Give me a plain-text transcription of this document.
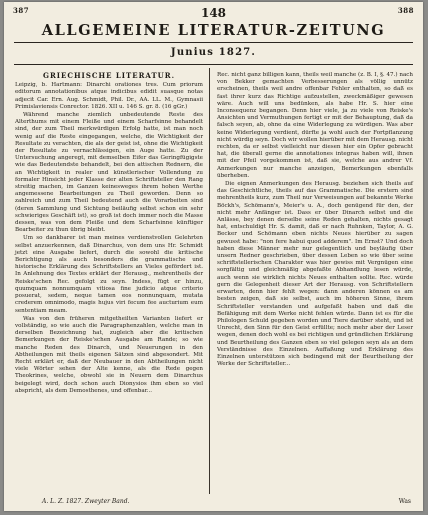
387	148	388
ALLGEMEINE LITERATUR-ZEITUNG
Junius 1827.
GRIECHISCHE LITERATUR.

Leipzig, b. Hartmann: Dinarchi orationes tres. Cum priorum editorum annotationibus atque indicibus edidit suasque notas adjecit Car. Ern. Aug. Schmidt, Phil. Dr., AA. LL. M., Gymnasii Primislaviensis Conrector. 1826. XII u. 146 S. gr. 8. (16 gGr.)

Während manche ziemlich unbedeutende Reste des Alterthums mit einem Fleiße und einem Scharfsinne behandelt sind, der zum Theil merkwürdigen Erfolg hatte, ist man noch wenig auf die Reste eingegangen, welche, die Wichtigkeit der Resultate zu verachten, die als der geist ist, ohne die Wichtigkeit der Resultate zu vernachlässigen, ein Auge hatte. Zu der Untersuchung angeregt, mit demselben Eifer das Geringfügigste wie das Bedeutendste behandelt, bei den attischen Rednern, die an Wichtigkeit in realer und künstlerischer Vollendung zu formaler Hinsicht jeder Klasse der alten Schriftsteller den Rang streitig machen, im Ganzen keinesweges ihrem hohen Werthe angemessene Bearbeitungen zu Theil geworden. Denn so zahlreich und zum Theil bedeutend auch die Vorarbeiten sind (deren Sammlung und Sichtung beiläufig selbst schon ein sehr schwieriges Geschäft ist), so groß ist doch immer noch die Masse dessen, was von dem Fleiße und dem Scharfsinne künftiger Bearbeiter zu thun übrig bleibt.

Um so dankbarer ist man meines verdienstvollen Gelehrten selbst anzuerkennen, daß Dinarchus, von dem uns Hr. Schmidt jetzt eine Ausgabe liefert, durch die sowohl die kritische Berichtigung als auch besonders die grammatische und historische Erklärung des Schriftstellers an Vieles gefördert ist. In Anlehnung des Textes erklärt der Herausg., mehrentheils der Reiske'schen Rec. gefolgt zu seyn. Indess, fügt er hinzu, quumquam nonnumquam vitiosa fine judicio atque criterio posuerat, sedem, neque tamen eos nonnunquam, mutata crederem omnimodo, magis hujus viri fecum fee aucturium eum sententiam meam.

Was von den früheren mitgetheilten Varianten liefert er vollständig, so wie auch die Paragraphenzahlen, welche man in derselben Bezeichnung hat, zugleich aber die kritischen Bemerkungen der Reiske'schen Ausgabe am Rande; so wie manche Reden des Dinarch, und Neuerungen in den Abtheilungen mit theils eigenen Sätzen sind abgesondert. Mit Recht erklärt er, daß der Neubauer in den Abtheilungen nicht viele Wörter sehen der Alte kenne, als die Rede gegen Theokrines, welche, obwohl sie in Neuern dem Dinarchus beigelegt wird, doch schon auch Dionysios ihm eben so viel abspricht, als dem Demosthenes, und offenbar...

Rec. nicht ganz billigen kann, theils weil manche (z. B. I, §. 47.) nach von Bekker gemachten Verbesserungen als völlig unnütz erscheinen, theils weil andre offenbar Fehler enthalten, so daß es fast ihrer kurz das Richtige aufzustellen, zweckmäßiger gewesen wäre. Auch will uns bedünken, als habe Hr. S. hier eine Inconsequenz begangen. Denn hier viele, ja zu viele von Reiske's Ansichten und Vermuthungen fertigt er mit der Behauptung, daß da falsch seyen, ab, ohne da eine Widerlegung zu würdigen. Was aber keine Widerlegung verdient, dürfte ja wohl auch der Fortpflanzung nicht würdig seyn. Doch wir wollen hierüber mit dem Herausg. nicht rechten, da er selbst vielleicht nur diesen hier ein Opfer gebracht hat, die überall gerne die annotationes integras haben will, ihnen mit der Pfeil vorgekommen ist, daß sie, welche aus andrer Vf. Anmerkungen nur manche anzeigen, Bemerkungen ebenfalls überheben.

Die eignen Anmerkungen des Herausg. beziehen sich theils auf das Geschichtliche, theils auf das Grammatische. Die erstern sind mehrentheils kurz, zum Theil nur Verweisungen auf bekannte Werke Böckh's, Schömann's, Meier's u. A., doch genügend für den, der nicht mehr Anfänger ist. Dass er über Dinarch selbst und die Anlässe, bey denen derselbe seine Reden gehalten, nichts gesagt hat, entschuldigt Hr. S. damit, daß er nach Ruhnken, Taylor, A. G. Becker und Schömann eben nichts Neues hierüber zu sagen gewusst habe: "non fere habui quod adderem". Im Ernst? Und doch haben diese Männer mehr nur gelegentlich und beyläufig über unsern Redner geschrieben, über dessen Leben so wie über seine schriftstellerischen Charakter was hier gewiss mit Vergnügen eine sorgfältig und gleichmäßig abgefaßte Abhandlung lesen würde, auch wenn sie wirklich nichts Neues enthalten sollte. Rec. würde gern die Gelegenheit dieser Art der Herausg. von Schriftstellern erwarten, denn hier fehlt wegen: dann anderen können es am besten zeigen, daß sie selbst, auch im höheren Sinne, ihrem Schriftsteller verstanden und aufgefaßt haben und daß die Befähigung mit dem Werke nicht fehlen würde. Dann ist es für die Philologen Schuld gegeben worden und Tiere darüber steht, und ist Unrecht, den Sinn für den Geist erfüllte; noch mehr aber der Leser wegen, denen doch wohl es bei richtigen und gründlichen Erklärung und Beurtheilung des Ganzen eben so viel gelegen seyn als an dem Verständnisse des Einzelnen. Auffaßung und Erklärung des Einzelnen unterstützen sich bedingend mit der Beurtheilung der Werke der Schriftsteller...

A. L. Z. 1827. Zweyter Band.	Was
